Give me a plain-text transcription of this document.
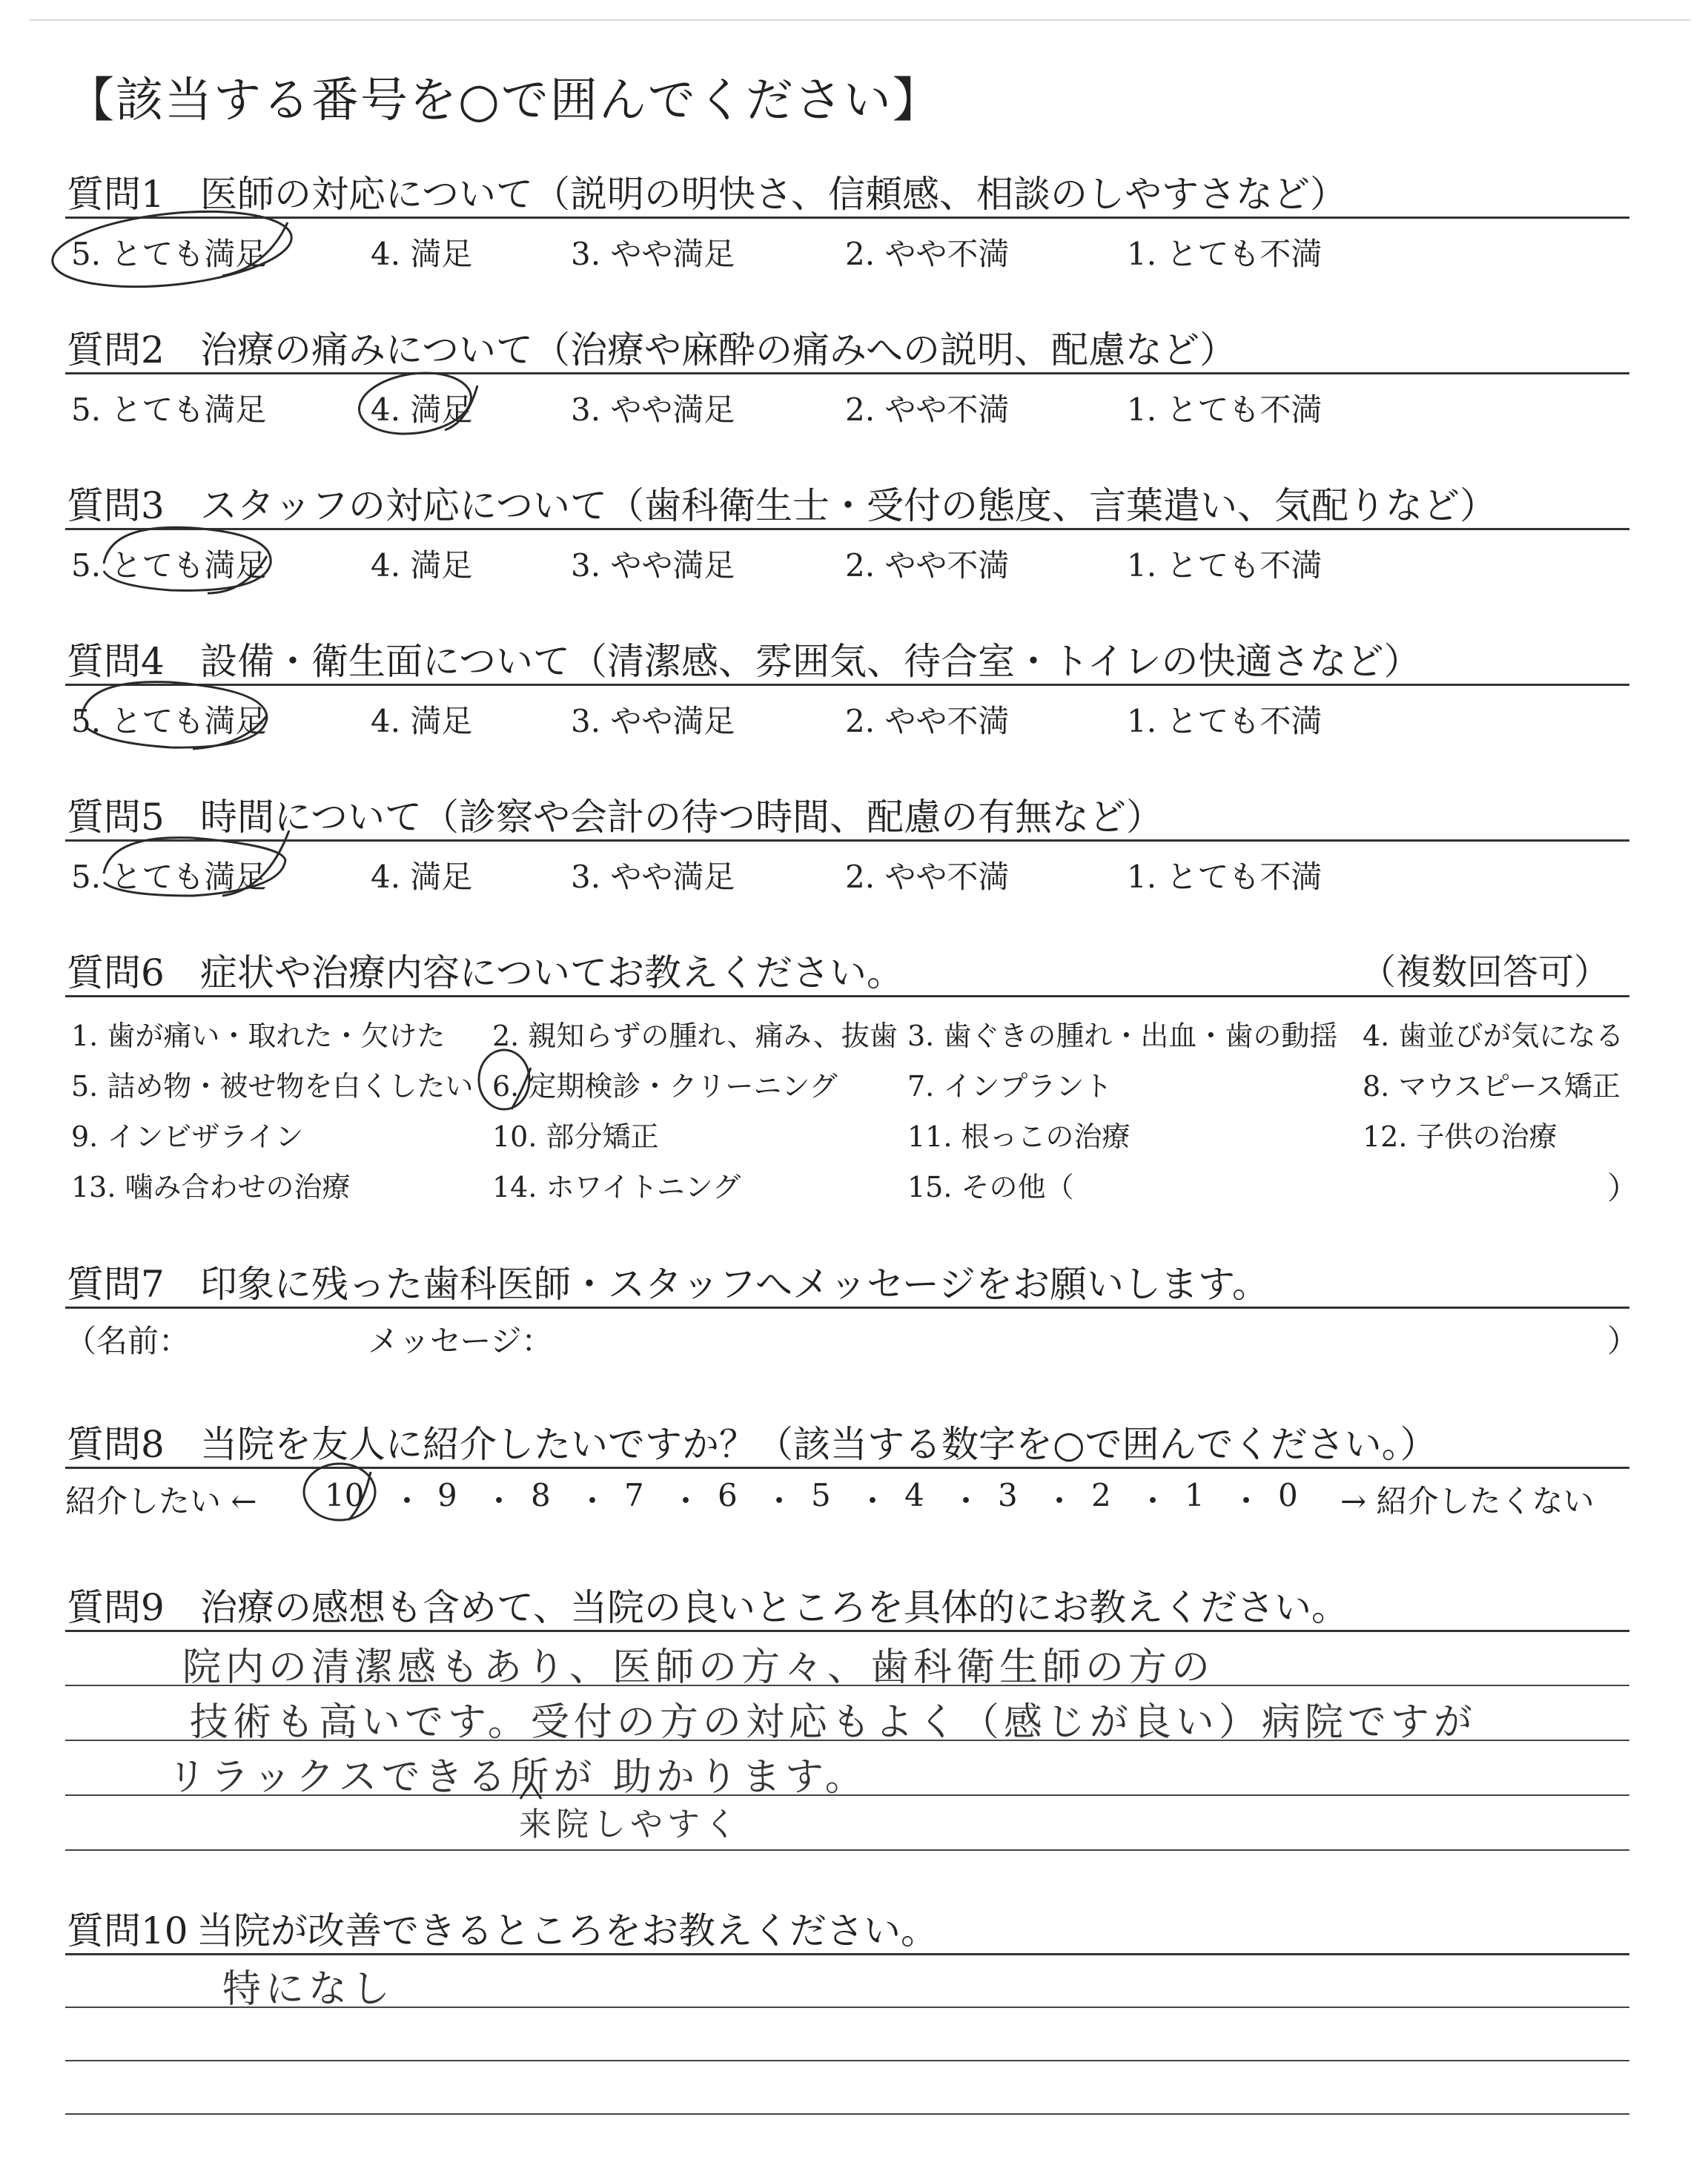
【該当する番号を○で囲んでください】
質問1 医師の対応について（説明の明快さ、信頼感、相談のしやすさなど）
5. とても満足	4. 満足	3. やや満足	2. やや不満	1. とても不満
質問2 治療の痛みについて（治療や麻酔の痛みへの説明、配慮など）
5. とても満足	4. 満足	3. やや満足	2. やや不満	1. とても不満
質問3 スタッフの対応について（歯科衛生士・受付の態度、言葉遣い、気配りなど）
5. とても満足	4. 満足	3. やや満足	2. やや不満	1. とても不満
質問4 設備・衛生面について（清潔感、雰囲気、待合室・トイレの快適さなど）
5. とても満足	4. 満足	3. やや満足	2. やや不満	1. とても不満
質問5 時間について（診察や会計の待つ時間、配慮の有無など）
5. とても満足	4. 満足	3. やや満足	2. やや不満	1. とても不満
質問6 症状や治療内容についてお教えください。	（複数回答可）
1. 歯が痛い・取れた・欠けた 2. 親知らずの腫れ、痛み、抜歯 3. 歯ぐきの腫れ・出血・歯の動揺 4. 歯並びが気になる
5. 詰め物・被せ物を白くしたい 6. 定期検診・クリーニング 7. インプラント	8. マウスピース矯正
9. インビザライン	10. 部分矯正	11. 根っこの治療	12. 子供の治療
13. 噛み合わせの治療	14. ホワイトニング	15. その他（	）
質問7 印象に残った歯科医師・スタッフへメッセージをお願いします。
（名前：	メッセージ：	）
質問8 当院を友人に紹介したいですか？（該当する数字を○で囲んでください。）
紹介したい ← 10 ・ 9 ・ 8 ・ 7 ・ 6 ・ 5 ・ 4 ・ 3 ・ 2 ・ 1 ・ 0 → 紹介したくない
質問9 治療の感想も含めて、当院の良いところを具体的にお教えください。
院内の清潔感もあり、医師の方々、歯科衛生師の方の
技術も高いです。受付の方の対応もよく（感じが良い）病院ですが
リラックスできる所が 助かります。
来院しやすく
質問10 当院が改善できるところをお教えください。
特になし
